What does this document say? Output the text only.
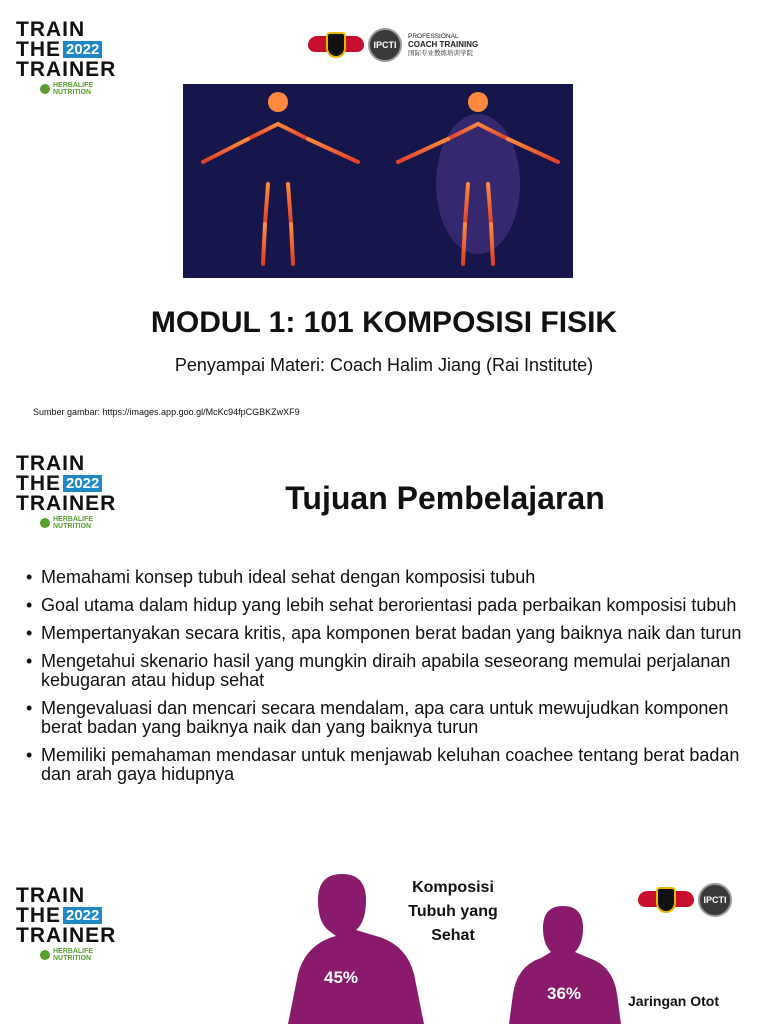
TRAIN
THE 2022
TRAINER
HERBALIFE
NUTRITION
IPCTI
PROFESSIONAL
COACH TRAINING
国际专业教练培训学院
MODUL 1: 101 KOMPOSISI FISIK
Penyampai Materi: Coach Halim Jiang (Rai Institute)
Sumber gambar: https://images.app.goo.gl/McKc94fpCGBKZwXF9
TRAIN
THE 2022
TRAINER
HERBALIFE
NUTRITION
Tujuan Pembelajaran
• Memahami konsep tubuh ideal sehat dengan komposisi tubuh
• Goal utama dalam hidup yang lebih sehat berorientasi pada perbaikan komposisi tubuh
• Mempertanyakan secara kritis, apa komponen berat badan yang baiknya naik dan turun
• Mengetahui skenario hasil yang mungkin diraih apabila seseorang memulai perjalanan kebugaran atau hidup sehat
• Mengevaluasi dan mencari secara mendalam, apa cara untuk mewujudkan komponen berat badan yang baiknya naik dan yang baiknya turun
• Memiliki pemahaman mendasar untuk menjawab keluhan coachee tentang berat badan dan arah gaya hidupnya
TRAIN
THE 2022
TRAINER
HERBALIFE
NUTRITION
45%
36%
Komposisi Tubuh yang Sehat
Jaringan Otot
IPCTI
